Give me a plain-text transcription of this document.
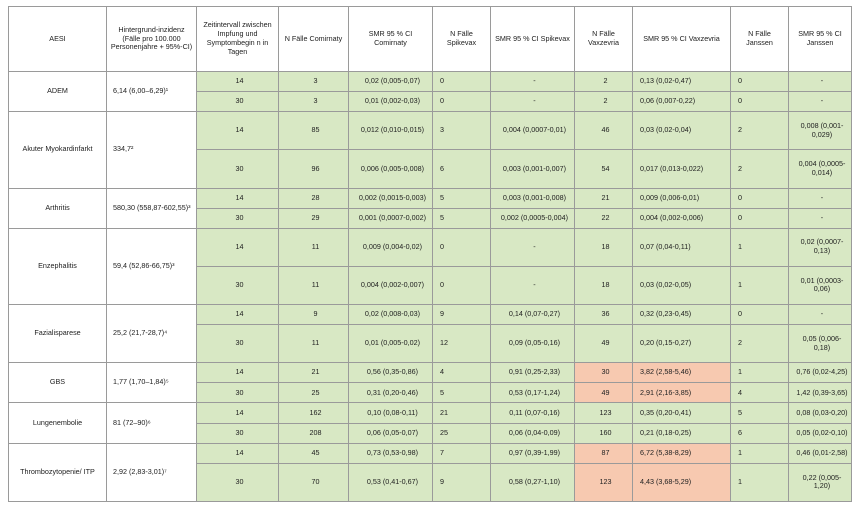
AESI	Hintergrund-inzidenz (Fälle pro 100.000 Personenjahre + 95%-CI)	Zeitintervall zwischen Impfung und Symptombegin n in Tagen	N Fälle Comirnaty	SMR 95 % CI Comirnaty	N Fälle Spikevax	SMR 95 % CI Spikevax	N Fälle Vaxzevria	SMR 95 % CI Vaxzevria	N Fälle Janssen	SMR 95 % CI Janssen
ADEM	6,14 (6,00–6,29)¹	14	3	0,02 (0,005-0,07)	0	-	2	0,13 (0,02-0,47)	0	-
		30	3	0,01 (0,002-0,03)	0	-	2	0,06 (0,007-0,22)	0	-
Akuter Myokardinfarkt	334,7²	14	85	0,012 (0,010-0,015)	3	0,004 (0,0007-0,01)	46	0,03 (0,02-0,04)	2	0,008 (0,001-0,029)
		30	96	0,006 (0,005-0,008)	6	0,003 (0,001-0,007)	54	0,017 (0,013-0,022)	2	0,004 (0,0005-0,014)
Arthritis	580,30 (558,87-602,55)³	14	28	0,002 (0,0015-0,003)	5	0,003 (0,001-0,008)	21	0,009 (0,006-0,01)	0	-
		30	29	0,001 (0,0007-0,002)	5	0,002 (0,0005-0,004)	22	0,004 (0,002-0,006)	0	-
Enzephalitis	59,4 (52,86-66,75)³	14	11	0,009 (0,004-0,02)	0	-	18	0,07 (0,04-0,11)	1	0,02 (0,0007-0,13)
		30	11	0,004 (0,002-0,007)	0	-	18	0,03 (0,02-0,05)	1	0,01 (0,0003-0,06)
Fazialisparese	25,2 (21,7-28,7)⁴	14	9	0,02 (0,008-0,03)	9	0,14 (0,07-0,27)	36	0,32 (0,23-0,45)	0	-
		30	11	0,01 (0,005-0,02)	12	0,09 (0,05-0,16)	49	0,20 (0,15-0,27)	2	0,05 (0,006-0,18)
GBS	1,77 (1,70–1,84)⁵	14	21	0,56 (0,35-0,86)	4	0,91 (0,25-2,33)	30	3,82 (2,58-5,46)	1	0,76 (0,02-4,25)
		30	25	0,31 (0,20-0,46)	5	0,53 (0,17-1,24)	49	2,91 (2,16-3,85)	4	1,42 (0,39-3,65)
Lungenembolie	81 (72–90)⁶	14	162	0,10 (0,08-0,11)	21	0,11 (0,07-0,16)	123	0,35 (0,20-0,41)	5	0,08 (0,03-0,20)
		30	208	0,06 (0,05-0,07)	25	0,06 (0,04-0,09)	160	0,21 (0,18-0,25)	6	0,05 (0,02-0,10)
Thrombozytopenie/ ITP	2,92 (2,83-3,01)⁷	14	45	0,73 (0,53-0,98)	7	0,97 (0,39-1,99)	87	6,72 (5,38-8,29)	1	0,46 (0,01-2,58)
		30	70	0,53 (0,41-0,67)	9	0,58 (0,27-1,10)	123	4,43 (3,68-5,29)	1	0,22 (0,005-1,20)
